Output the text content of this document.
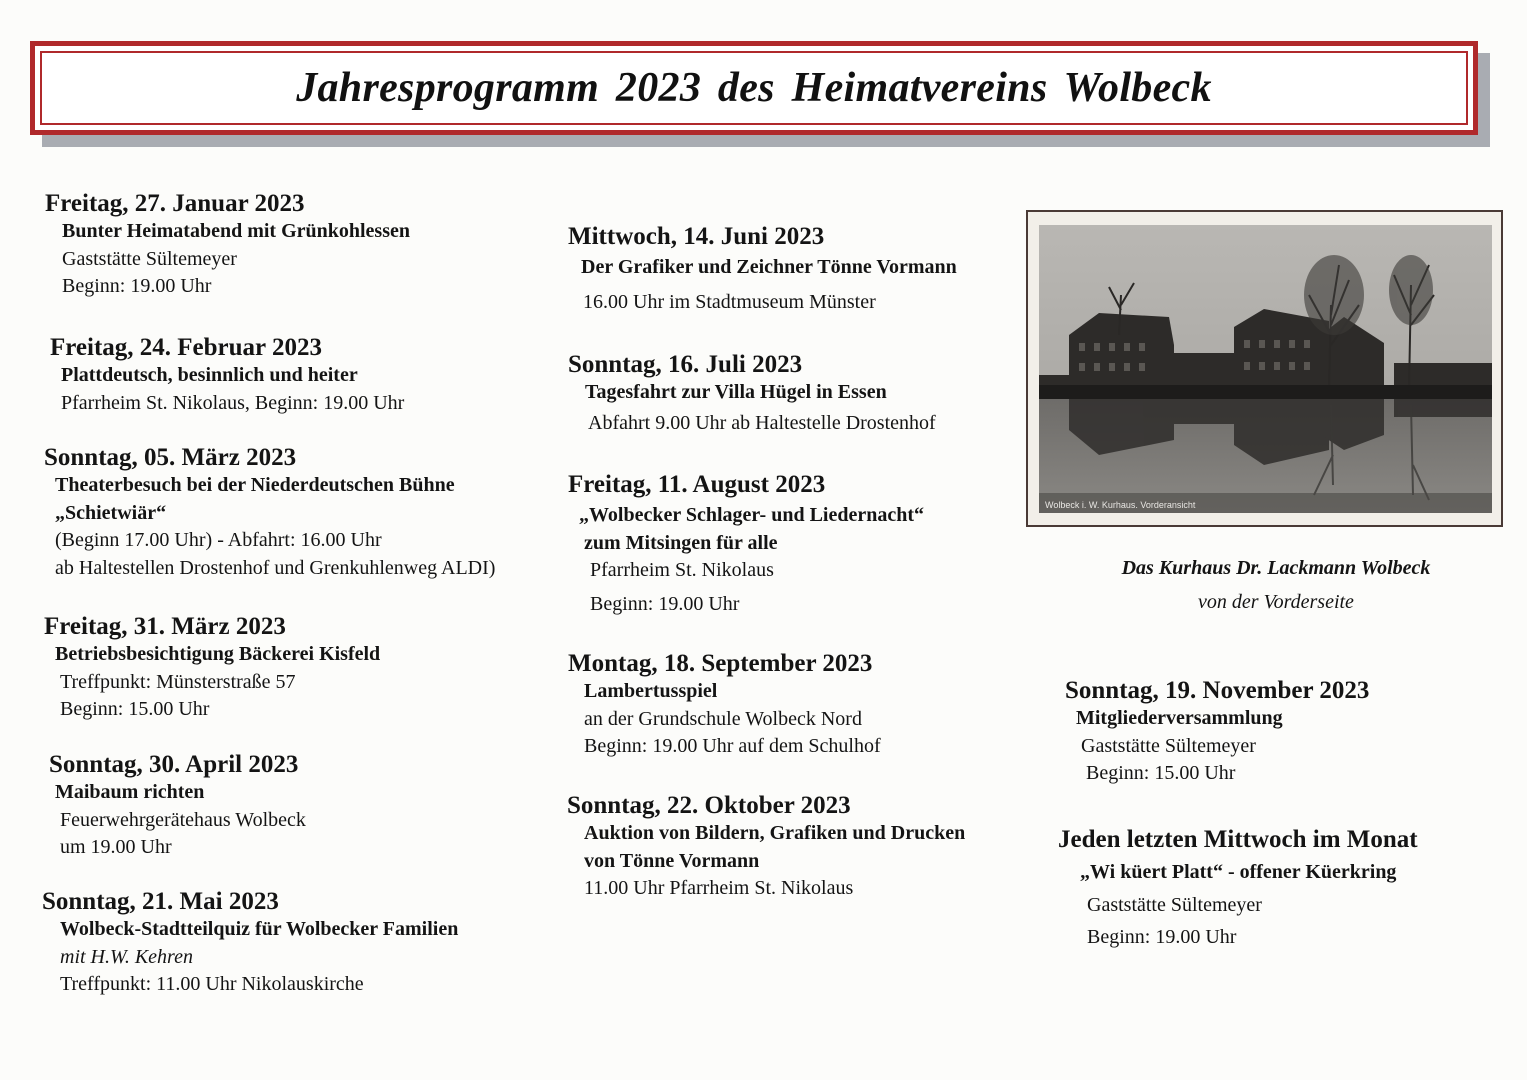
Jahresprogramm 2023 des Heimatvereins Wolbeck
Freitag, 27. Januar 2023
Bunter Heimatabend mit Grünkohlessen
Gaststätte Sültemeyer
Beginn: 19.00 Uhr
Freitag, 24. Februar 2023
Plattdeutsch, besinnlich und heiter
Pfarrheim St. Nikolaus, Beginn: 19.00 Uhr
Sonntag, 05. März 2023
Theaterbesuch bei der Niederdeutschen Bühne
„Schietwiär“
(Beginn 17.00 Uhr) - Abfahrt: 16.00 Uhr
ab Haltestellen Drostenhof und Grenkuhlenweg ALDI)
Freitag, 31. März 2023
Betriebsbesichtigung Bäckerei Kisfeld
Treffpunkt: Münsterstraße 57
Beginn: 15.00 Uhr
Sonntag, 30. April 2023
Maibaum richten
Feuerwehrgerätehaus Wolbeck
um 19.00 Uhr
Sonntag, 21. Mai 2023
Wolbeck-Stadtteilquiz für Wolbecker Familien
mit H.W. Kehren
Treffpunkt: 11.00 Uhr Nikolauskirche
Mittwoch, 14. Juni 2023
Der Grafiker und Zeichner Tönne Vormann
16.00 Uhr im Stadtmuseum Münster
Sonntag, 16. Juli 2023
Tagesfahrt zur Villa Hügel in Essen
Abfahrt 9.00 Uhr ab Haltestelle Drostenhof
Freitag, 11. August 2023
„Wolbecker Schlager- und Liedernacht“
zum Mitsingen für alle
Pfarrheim St. Nikolaus
Beginn: 19.00 Uhr
Montag, 18. September 2023
Lambertusspiel
an der Grundschule Wolbeck Nord
Beginn: 19.00 Uhr auf dem Schulhof
Sonntag, 22. Oktober 2023
Auktion von Bildern, Grafiken und Drucken
von Tönne Vormann
11.00 Uhr Pfarrheim St. Nikolaus
Wolbeck i. W. Kurhaus. Vorderansicht
Das Kurhaus Dr. Lackmann Wolbeck
von der Vorderseite
Sonntag, 19. November 2023
Mitgliederversammlung
Gaststätte Sültemeyer
Beginn: 15.00 Uhr
Jeden letzten Mittwoch im Monat
„Wi küert Platt“ - offener Küerkring
Gaststätte Sültemeyer
Beginn: 19.00 Uhr
